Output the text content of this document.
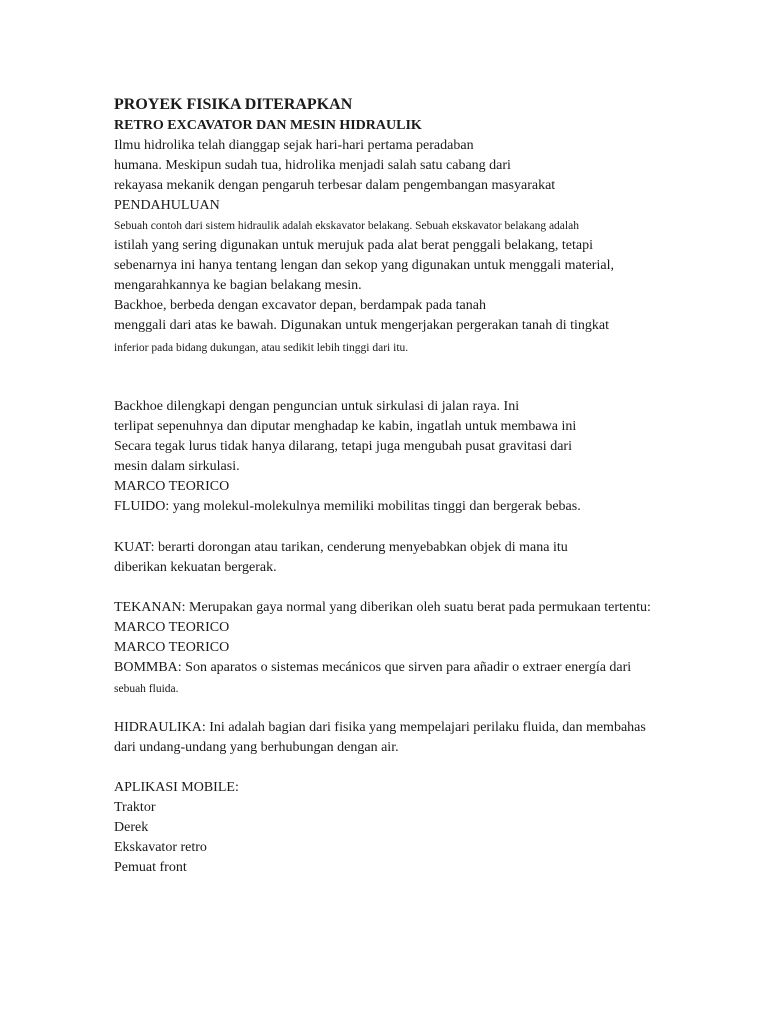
PROYEK FISIKA DITERAPKAN
RETRO EXCAVATOR DAN MESIN HIDRAULIK
Ilmu hidrolika telah dianggap sejak hari-hari pertama peradaban
humana. Meskipun sudah tua, hidrolika menjadi salah satu cabang dari
rekayasa mekanik dengan pengaruh terbesar dalam pengembangan masyarakat
PENDAHULUAN
Sebuah contoh dari sistem hidraulik adalah ekskavator belakang. Sebuah ekskavator belakang adalah
istilah yang sering digunakan untuk merujuk pada alat berat penggali belakang, tetapi
sebenarnya ini hanya tentang lengan dan sekop yang digunakan untuk menggali material,
mengarahkannya ke bagian belakang mesin.
Backhoe, berbeda dengan excavator depan, berdampak pada tanah
menggali dari atas ke bawah. Digunakan untuk mengerjakan pergerakan tanah di tingkat
inferior pada bidang dukungan, atau sedikit lebih tinggi dari itu.
Backhoe dilengkapi dengan penguncian untuk sirkulasi di jalan raya. Ini
terlipat sepenuhnya dan diputar menghadap ke kabin, ingatlah untuk membawa ini
Secara tegak lurus tidak hanya dilarang, tetapi juga mengubah pusat gravitasi dari
mesin dalam sirkulasi.
MARCO TEORICO
FLUIDO: yang molekul-molekulnya memiliki mobilitas tinggi dan bergerak bebas.
KUAT: berarti dorongan atau tarikan, cenderung menyebabkan objek di mana itu
diberikan kekuatan bergerak.
TEKANAN: Merupakan gaya normal yang diberikan oleh suatu berat pada permukaan tertentu:
MARCO TEORICO
MARCO TEORICO
BOMMBA: Son aparatos o sistemas mecánicos que sirven para añadir o extraer energía dari
sebuah fluida.
HIDRAULIKA: Ini adalah bagian dari fisika yang mempelajari perilaku fluida, dan membahas
dari undang-undang yang berhubungan dengan air.
APLIKASI MOBILE:
Traktor
Derek
Ekskavator retro
Pemuat front
